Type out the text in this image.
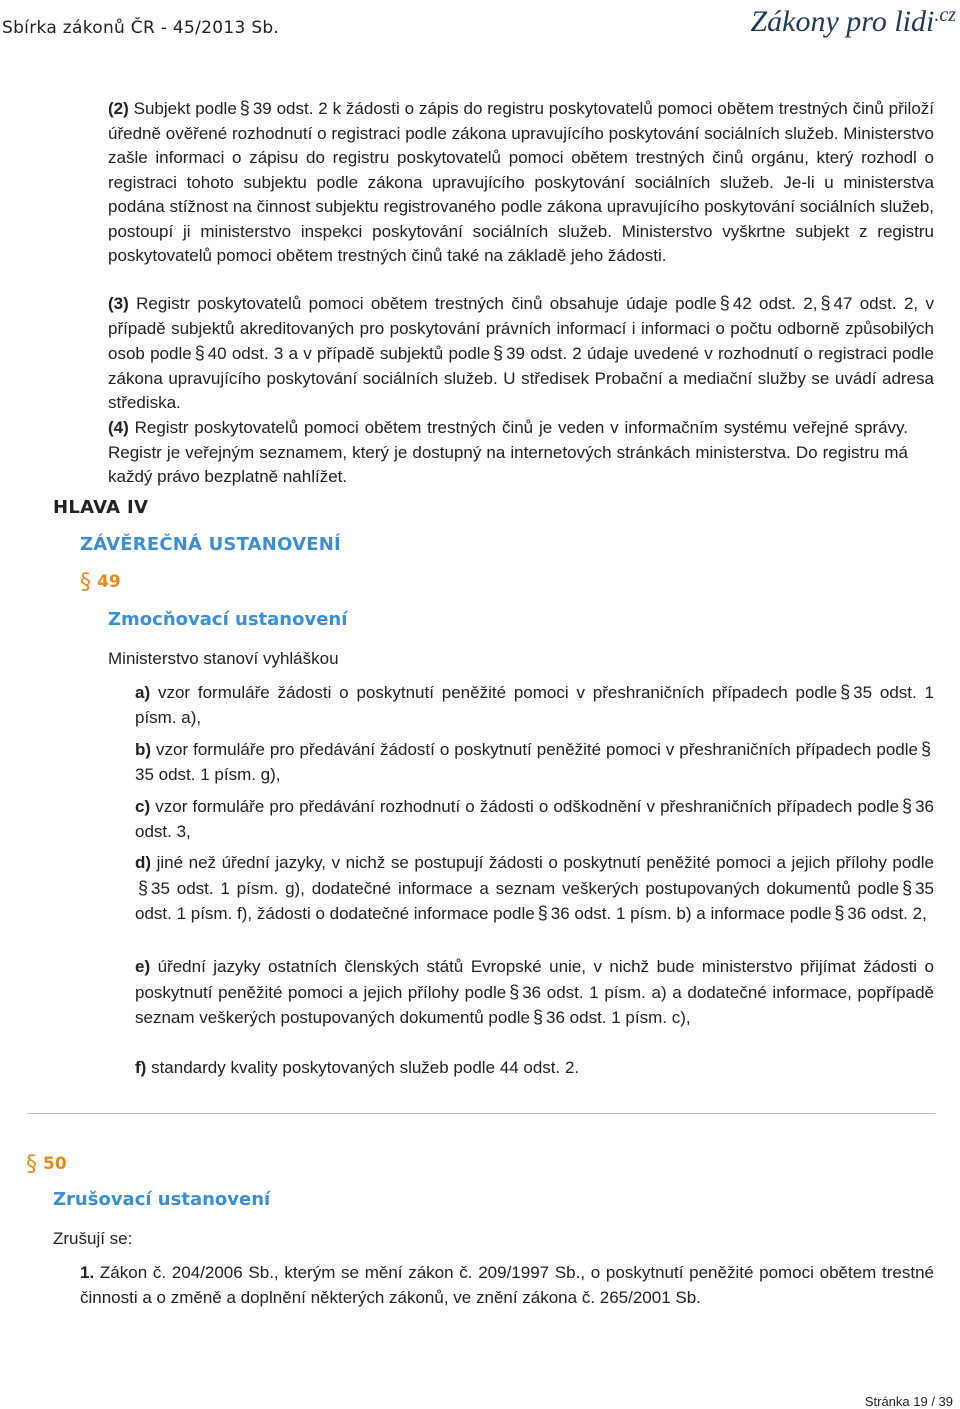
Sbírka zákonů ČR - 45/2013 Sb.	Zákony pro lidi$^{.cz}$

(2) Subjekt podle § 39 odst. 2 k žádosti o zápis do registru poskytovatelů pomoci obětem trestných činů přiloží úředně ověřené rozhodnutí o registraci podle zákona upravujícího poskytování sociálních služeb. Ministerstvo zašle informaci o zápisu do registru poskytovatelů pomoci obětem trestných činů orgánu, který rozhodl o registraci tohoto subjektu podle zákona upravujícího poskytování sociálních služeb. Je-li u ministerstva podána stížnost na činnost subjektu registrovaného podle zákona upravujícího poskytování sociálních služeb, postoupí ji ministerstvo inspekci poskytování sociálních služeb. Ministerstvo vyškrtne subjekt z registru poskytovatelů pomoci obětem trestných činů také na základě jeho žádosti.

(3) Registr poskytovatelů pomoci obětem trestných činů obsahuje údaje podle § 42 odst. 2, § 47 odst. 2, v případě subjektů akreditovaných pro poskytování právních informací i informaci o počtu odborně způsobilých osob podle § 40 odst. 3 a v případě subjektů podle § 39 odst. 2 údaje uvedené v rozhodnutí o registraci podle zákona upravujícího poskytování sociálních služeb. U středisek Probační a mediační služby se uvádí adresa střediska.

(4) Registr poskytovatelů pomoci obětem trestných činů je veden v informačním systému veřejné správy. Registr je veřejným seznamem, který je dostupný na internetových stránkách ministerstva. Do registru má každý právo bezplatně nahlížet.

HLAVA IV
ZÁVĚREČNÁ USTANOVENÍ
§ 49
Zmocňovací ustanovení
Ministerstvo stanoví vyhláškou

a) vzor formuláře žádosti o poskytnutí peněžité pomoci v přeshraničních případech podle § 35 odst. 1 písm. a),

b) vzor formuláře pro předávání žádostí o poskytnutí peněžité pomoci v přeshraničních případech podle §35 odst. 1 písm. g),

c) vzor formuláře pro předávání rozhodnutí o žádosti o odškodnění v přeshraničních případech podle § 36 odst. 3,

d) jiné než úřední jazyky, v nichž se postupují žádosti o poskytnutí peněžité pomoci a jejich přílohy podle§ 35 odst. 1 písm. g), dodatečné informace a seznam veškerých postupovaných dokumentů podle § 35 odst. 1 písm. f), žádosti o dodatečné informace podle § 36 odst. 1 písm. b) a informace podle § 36 odst. 2,

e) úřední jazyky ostatních členských států Evropské unie, v nichž bude ministerstvo přijímat žádosti o poskytnutí peněžité pomoci a jejich přílohy podle § 36 odst. 1 písm. a) a dodatečné informace, popřípadě seznam veškerých postupovaných dokumentů podle § 36 odst. 1 písm. c),

f) standardy kvality poskytovaných služeb podle 44 odst. 2.

§ 50
Zrušovací ustanovení
Zrušují se:

1. Zákon č. 204/2006 Sb., kterým se mění zákon č. 209/1997 Sb., o poskytnutí peněžité pomoci obětem trestné činnosti a o změně a doplnění některých zákonů, ve znění zákona č. 265/2001 Sb.

Stránka 19 / 39
